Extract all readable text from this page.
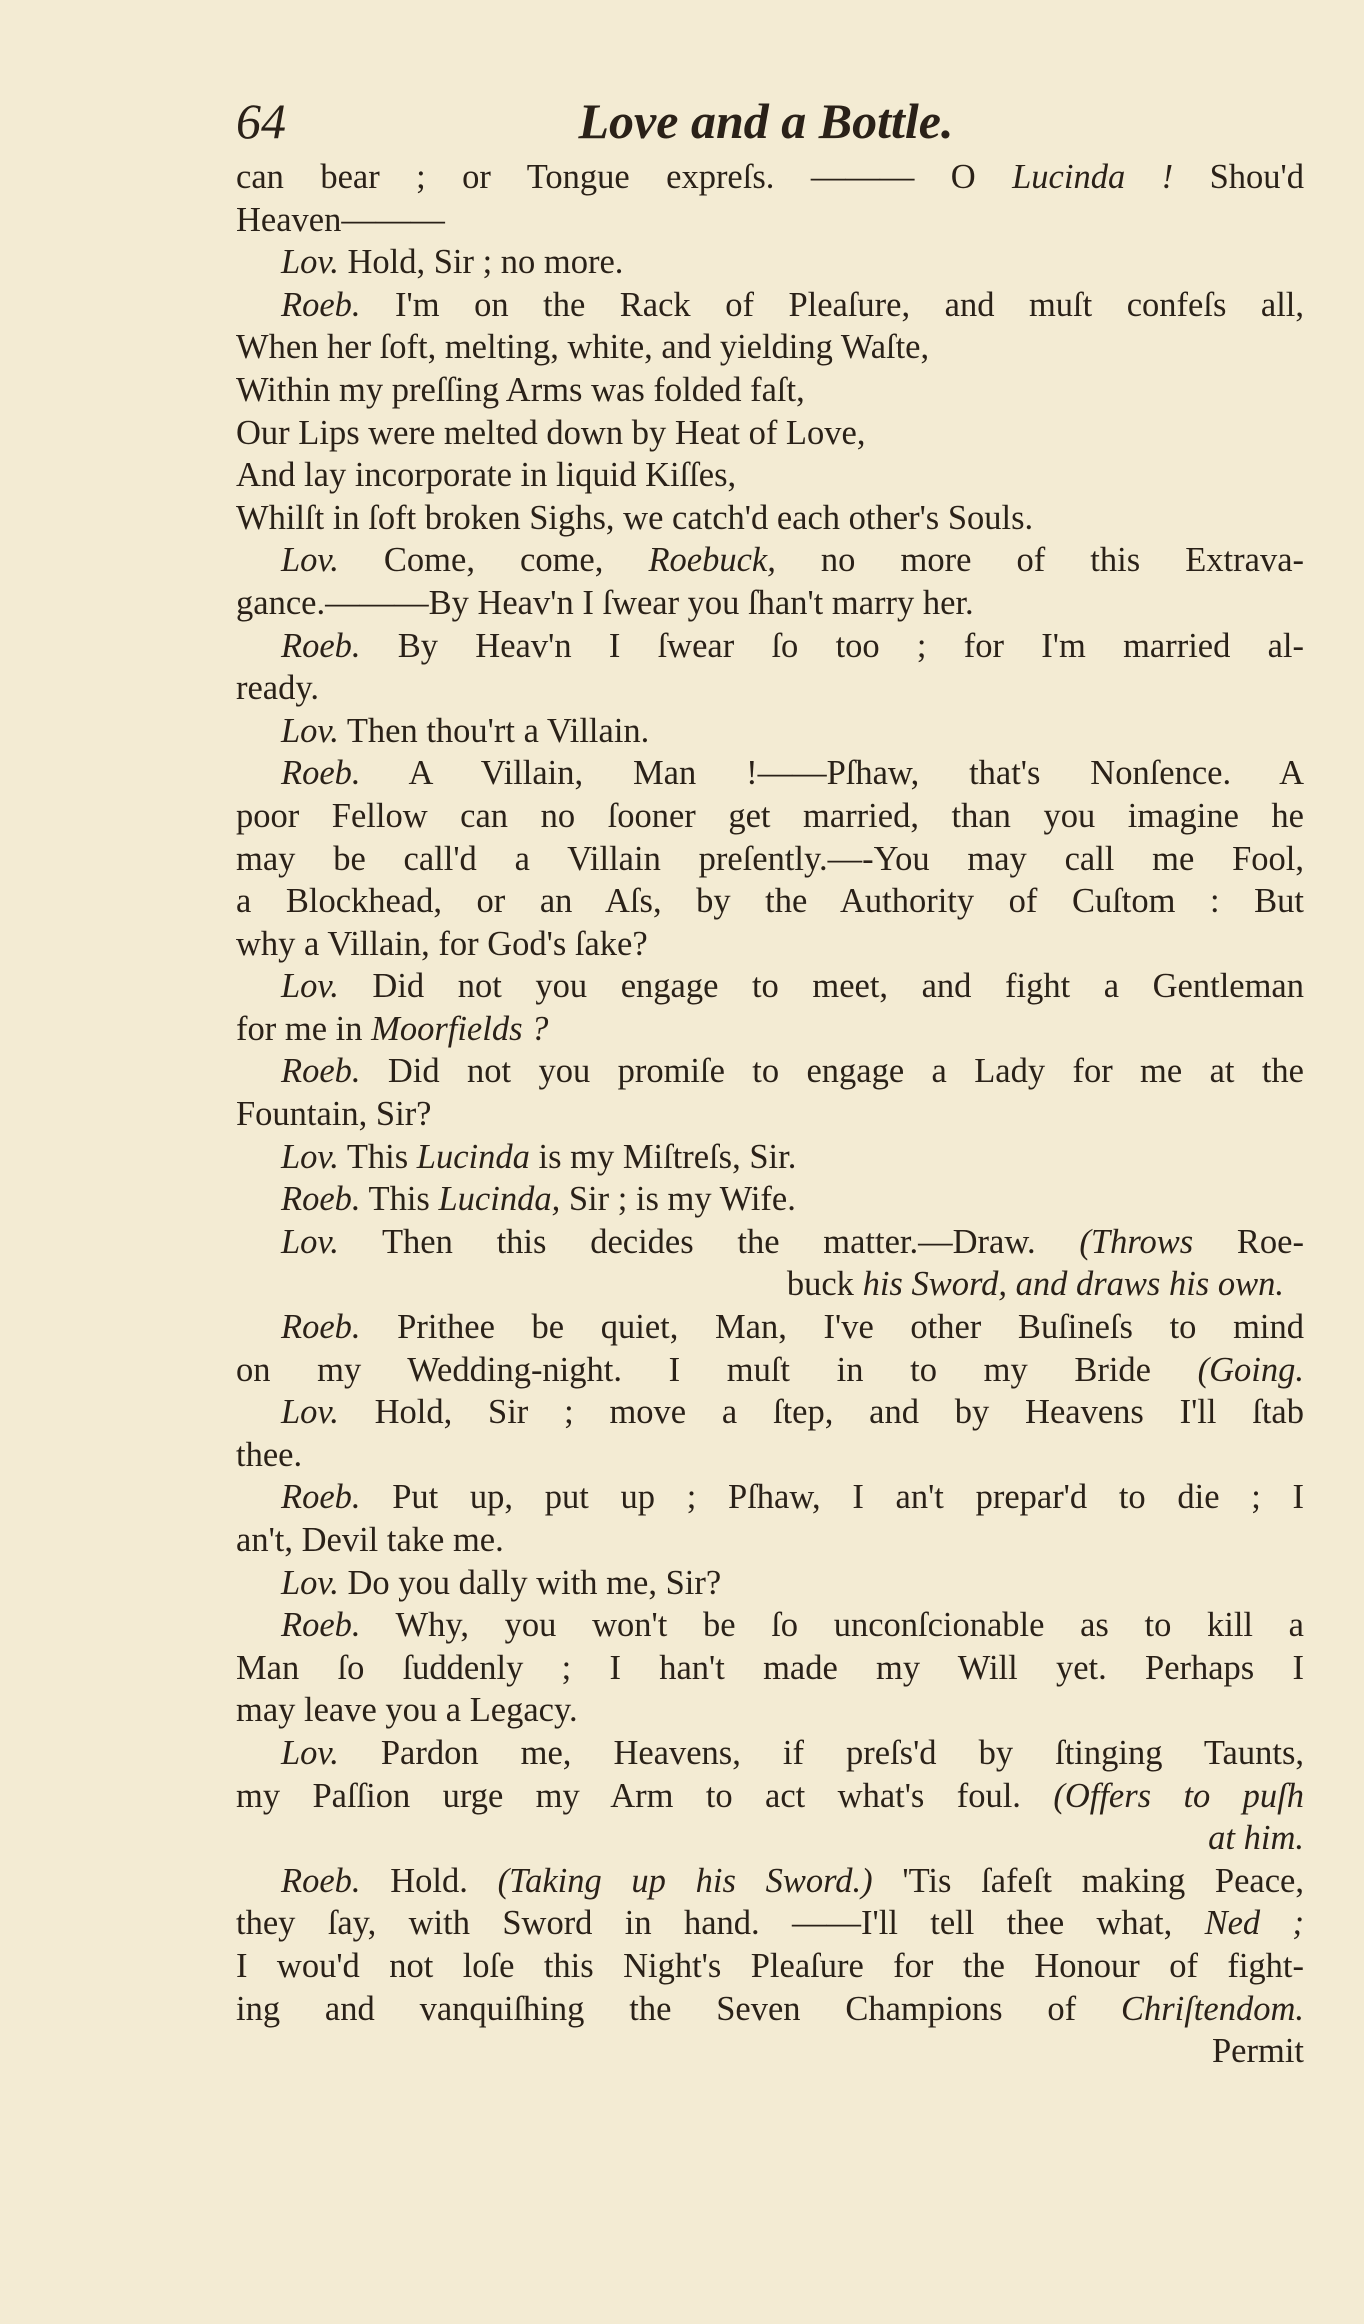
64	Love and a Bottle.
can bear ; or Tongue expreſs. ——— O Lucinda ! Shou'd
Heaven———
Lov. Hold, Sir ; no more.
Roeb. I'm on the Rack of Pleaſure, and muſt confeſs all,
When her ſoft, melting, white, and yielding Waſte,
Within my preſſing Arms was folded faſt,
Our Lips were melted down by Heat of Love,
And lay incorporate in liquid Kiſſes,
Whilſt in ſoft broken Sighs, we catch'd each other's Souls.
Lov. Come, come, Roebuck, no more of this Extrava-
gance.———By Heav'n I ſwear you ſhan't marry her.
Roeb. By Heav'n I ſwear ſo too ; for I'm married al-
ready.
Lov. Then thou'rt a Villain.
Roeb. A Villain, Man !——Pſhaw, that's Nonſence. A
poor Fellow can no ſooner get married, than you imagine he
may be call'd a Villain preſently.—-You may call me Fool,
a Blockhead, or an Aſs, by the Authority of Cuſtom : But
why a Villain, for God's ſake?
Lov. Did not you engage to meet, and fight a Gentleman
for me in Moorfields ?
Roeb. Did not you promiſe to engage a Lady for me at the
Fountain, Sir?
Lov. This Lucinda is my Miſtreſs, Sir.
Roeb. This Lucinda, Sir ; is my Wife.
Lov. Then this decides the matter.—Draw. (Throws Roe-
buck his Sword, and draws his own.
Roeb. Prithee be quiet, Man, I've other Buſineſs to mind
on my Wedding-night. I muſt in to my Bride (Going.
Lov. Hold, Sir ; move a ſtep, and by Heavens I'll ſtab
thee.
Roeb. Put up, put up ; Pſhaw, I an't prepar'd to die ; I
an't, Devil take me.
Lov. Do you dally with me, Sir?
Roeb. Why, you won't be ſo unconſcionable as to kill a
Man ſo ſuddenly ; I han't made my Will yet. Perhaps I
may leave you a Legacy.
Lov. Pardon me, Heavens, if preſs'd by ſtinging Taunts,
my Paſſion urge my Arm to act what's foul. (Offers to puſh
at him.
Roeb. Hold. (Taking up his Sword.) 'Tis ſafeſt making Peace,
they ſay, with Sword in hand. ——I'll tell thee what, Ned ;
I wou'd not loſe this Night's Pleaſure for the Honour of fight-
ing and vanquiſhing the Seven Champions of Chriſtendom.
Permit
